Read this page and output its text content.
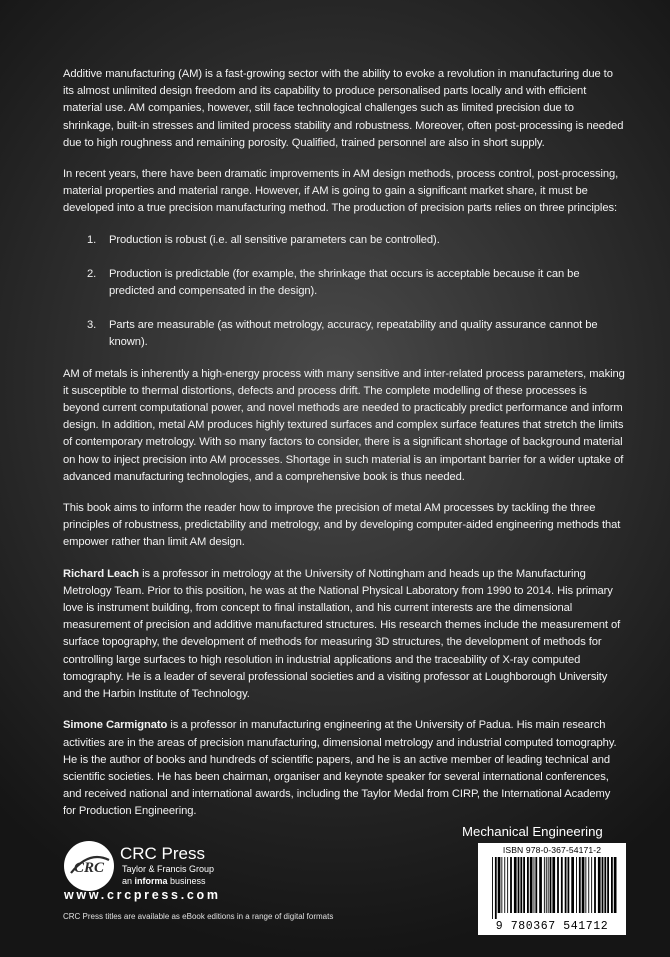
Additive manufacturing (AM) is a fast-growing sector with the ability to evoke a revolution in manufacturing due to its almost unlimited design freedom and its capability to produce personalised parts locally and with efficient material use. AM companies, however, still face technological challenges such as limited precision due to shrinkage, built-in stresses and limited process stability and robustness. Moreover, often post-processing is needed due to high roughness and remaining porosity. Qualified, trained personnel are also in short supply.

In recent years, there have been dramatic improvements in AM design methods, process control, post-processing, material properties and material range. However, if AM is going to gain a significant market share, it must be developed into a true precision manufacturing method. The production of precision parts relies on three principles:

1.	Production is robust (i.e. all sensitive parameters can be controlled).
2.	Production is predictable (for example, the shrinkage that occurs is acceptable because it can be predicted and compensated in the design).
3.	Parts are measurable (as without metrology, accuracy, repeatability and quality assurance cannot be known).

AM of metals is inherently a high-energy process with many sensitive and inter-related process parameters, making it susceptible to thermal distortions, defects and process drift. The complete modelling of these processes is beyond current computational power, and novel methods are needed to practicably predict performance and inform design. In addition, metal AM produces highly textured surfaces and complex surface features that stretch the limits of contemporary metrology. With so many factors to consider, there is a significant shortage of background material on how to inject precision into AM processes. Shortage in such material is an important barrier for a wider uptake of advanced manufacturing technologies, and a comprehensive book is thus needed.

This book aims to inform the reader how to improve the precision of metal AM processes by tackling the three principles of robustness, predictability and metrology, and by developing computer-aided engineering methods that empower rather than limit AM design.

Richard Leach is a professor in metrology at the University of Nottingham and heads up the Manufacturing Metrology Team. Prior to this position, he was at the National Physical Laboratory from 1990 to 2014. His primary love is instrument building, from concept to final installation, and his current interests are the dimensional measurement of precision and additive manufactured structures. His research themes include the measurement of surface topography, the development of methods for measuring 3D structures, the development of methods for controlling large surfaces to high resolution in industrial applications and the traceability of X-ray computed tomography. He is a leader of several professional societies and a visiting professor at Loughborough University and the Harbin Institute of Technology.

Simone Carmignato is a professor in manufacturing engineering at the University of Padua. His main research activities are in the areas of precision manufacturing, dimensional metrology and industrial computed tomography. He is the author of books and hundreds of scientific papers, and he is an active member of leading technical and scientific societies. He has been chairman, organiser and keynote speaker for several international conferences, and received national and international awards, including the Taylor Medal from CIRP, the International Academy for Production Engineering.

Mechanical Engineering
ISBN 978-0-367-54171-2
9 780367 541712
CRC
CRC Press
Taylor & Francis Group
an informa business
www.crcpress.com
CRC Press titles are available as eBook editions in a range of digital formats
